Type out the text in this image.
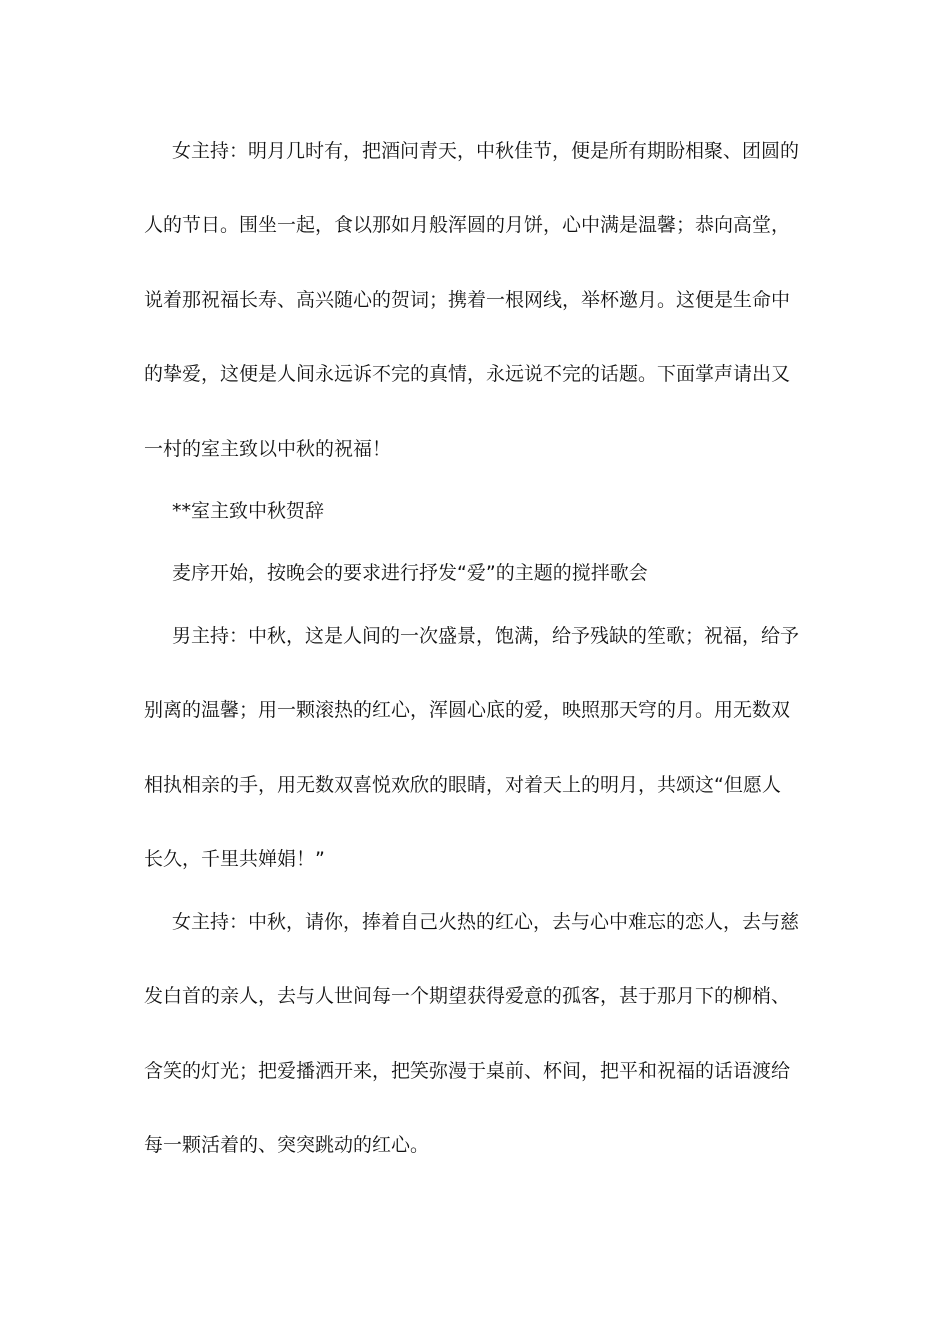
女主持：明月几时有，把酒问青天，中秋佳节，便是所有期盼相聚、团圆的
人的节日。围坐一起，食以那如月般浑圆的月饼，心中满是温馨；恭向高堂，
说着那祝福长寿、高兴随心的贺词；携着一根网线，举杯邀月。这便是生命中
的挚爱，这便是人间永远诉不完的真情，永远说不完的话题。下面掌声请出又
一村的室主致以中秋的祝福！
**室主致中秋贺辞
麦序开始，按晚会的要求进行抒发“爱”的主题的搅拌歌会
男主持：中秋，这是人间的一次盛景，饱满，给予残缺的笙歌；祝福，给予
别离的温馨；用一颗滚热的红心，浑圆心底的爱，映照那天穹的月。用无数双
相执相亲的手，用无数双喜悦欢欣的眼睛，对着天上的明月，共颂这“但愿人
长久，千里共婵娟！”
女主持：中秋，请你，捧着自己火热的红心，去与心中难忘的恋人，去与慈
发白首的亲人，去与人世间每一个期望获得爱意的孤客，甚于那月下的柳梢、
含笑的灯光；把爱播洒开来，把笑弥漫于桌前、杯间，把平和祝福的话语渡给
每一颗活着的、突突跳动的红心。
